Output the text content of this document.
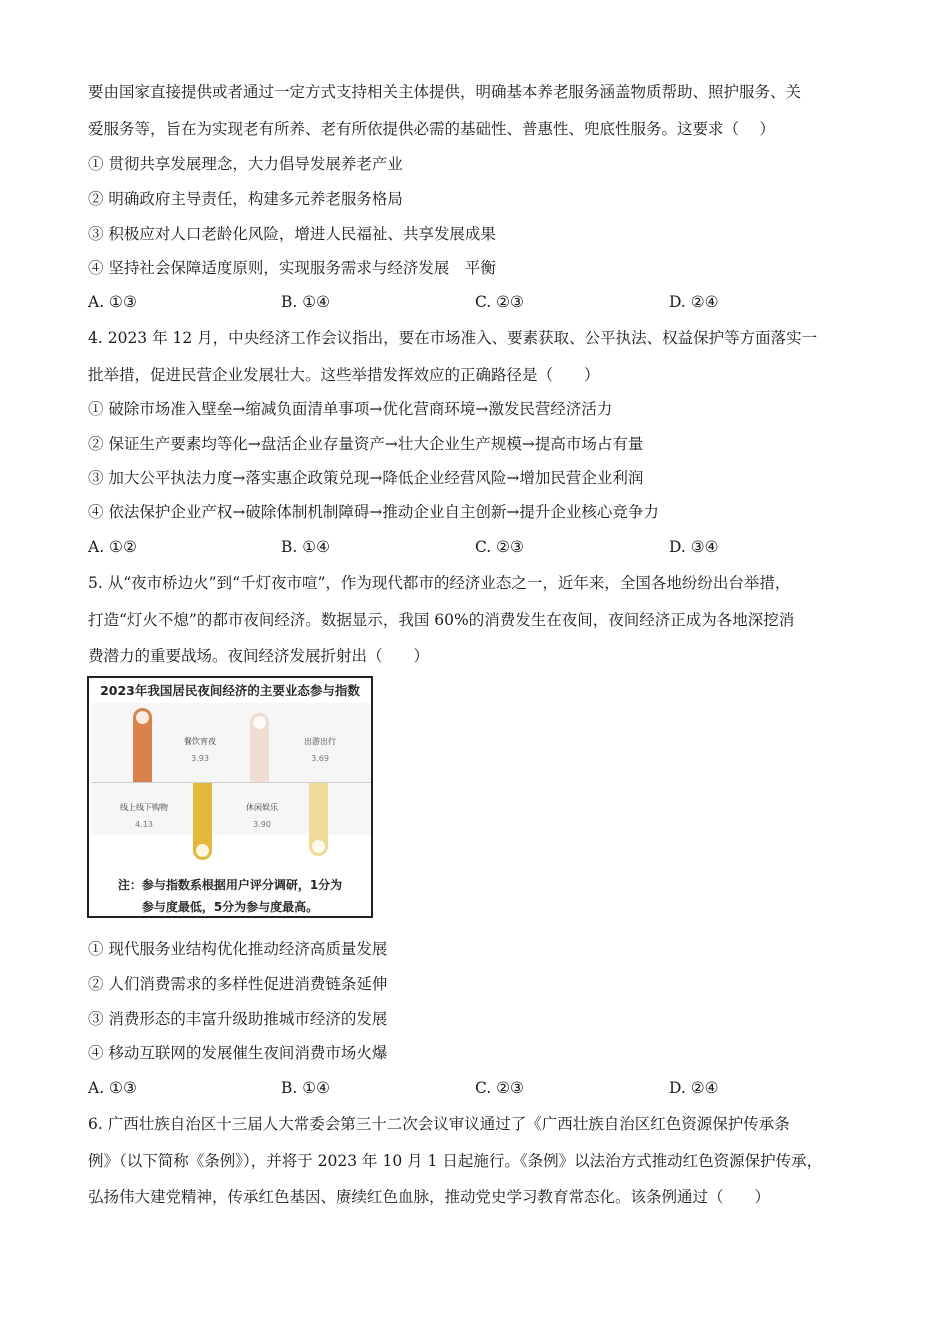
要由国家直接提供或者通过一定方式支持相关主体提供，明确基本养老服务涵盖物质帮助、照护服务、关
爱服务等，旨在为实现老有所养、老有所依提供必需的基础性、普惠性、兜底性服务。这要求（　 ）
① 贯彻共享发展理念，大力倡导发展养老产业
② 明确政府主导责任，构建多元养老服务格局
③ 积极应对人口老龄化风险，增进人民福祉、共享发展成果
④ 坚持社会保障适度原则，实现服务需求与经济发展　平衡
A. ①③	B. ①④	C. ②③	D. ②④
4. 2023 年 12 月，中央经济工作会议指出，要在市场准入、要素获取、公平执法、权益保护等方面落实一
批举措，促进民营企业发展壮大。这些举措发挥效应的正确路径是（　　）
① 破除市场准入壁垒→缩减负面清单事项→优化营商环境→激发民营经济活力
② 保证生产要素均等化→盘活企业存量资产→壮大企业生产规模→提高市场占有量
③ 加大公平执法力度→落实惠企政策兑现→降低企业经营风险→增加民营企业利润
④ 依法保护企业产权→破除体制机制障碍→推动企业自主创新→提升企业核心竞争力
A. ①②	B. ①④	C. ②③	D. ③④
5. 从“夜市桥边火”到“千灯夜市喧”，作为现代都市的经济业态之一，近年来，全国各地纷纷出台举措，
打造“灯火不熄”的都市夜间经济。数据显示，我国 60%的消费发生在夜间，夜间经济正成为各地深挖消
费潜力的重要战场。夜间经济发展折射出（　　）
2023年我国居民夜间经济的主要业态参与指数
线上线下购物
4.13
餐饮宵夜
3.93
休闲娱乐
3.90
出游出行
3.69
注：参与指数系根据用户评分调研，1分为
参与度最低，5分为参与度最高。
① 现代服务业结构优化推动经济高质量发展
② 人们消费需求的多样性促进消费链条延伸
③ 消费形态的丰富升级助推城市经济的发展
④ 移动互联网的发展催生夜间消费市场火爆
A. ①③	B. ①④	C. ②③	D. ②④
6. 广西壮族自治区十三届人大常委会第三十二次会议审议通过了《广西壮族自治区红色资源保护传承条
例》（以下简称《条例》），并将于 2023 年 10 月 1 日起施行。《条例》以法治方式推动红色资源保护传承，
弘扬伟大建党精神，传承红色基因、赓续红色血脉，推动党史学习教育常态化。该条例通过（　　）
